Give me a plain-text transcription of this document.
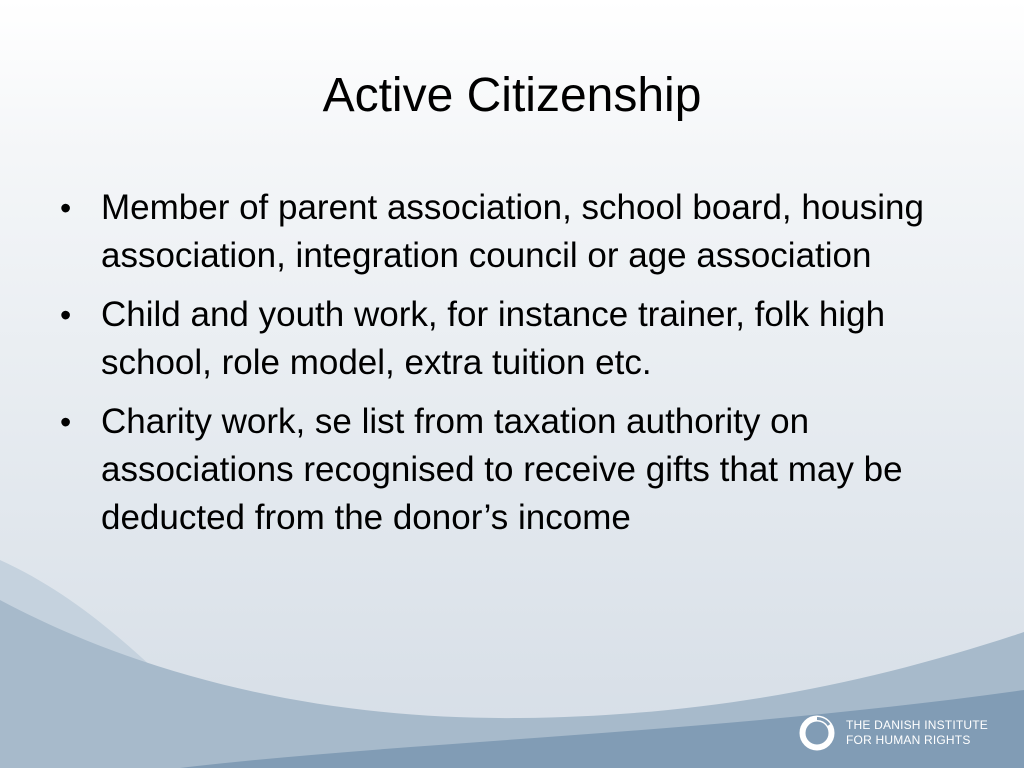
Active Citizenship
• Member of parent association, school board, housing association, integration council or age association
• Child and youth work, for instance trainer, folk high school, role model, extra tuition etc.
• Charity work, se list from taxation authority on associations recognised to receive gifts that may be deducted from the donor’s income
THE DANISH INSTITUTE
FOR HUMAN RIGHTS
